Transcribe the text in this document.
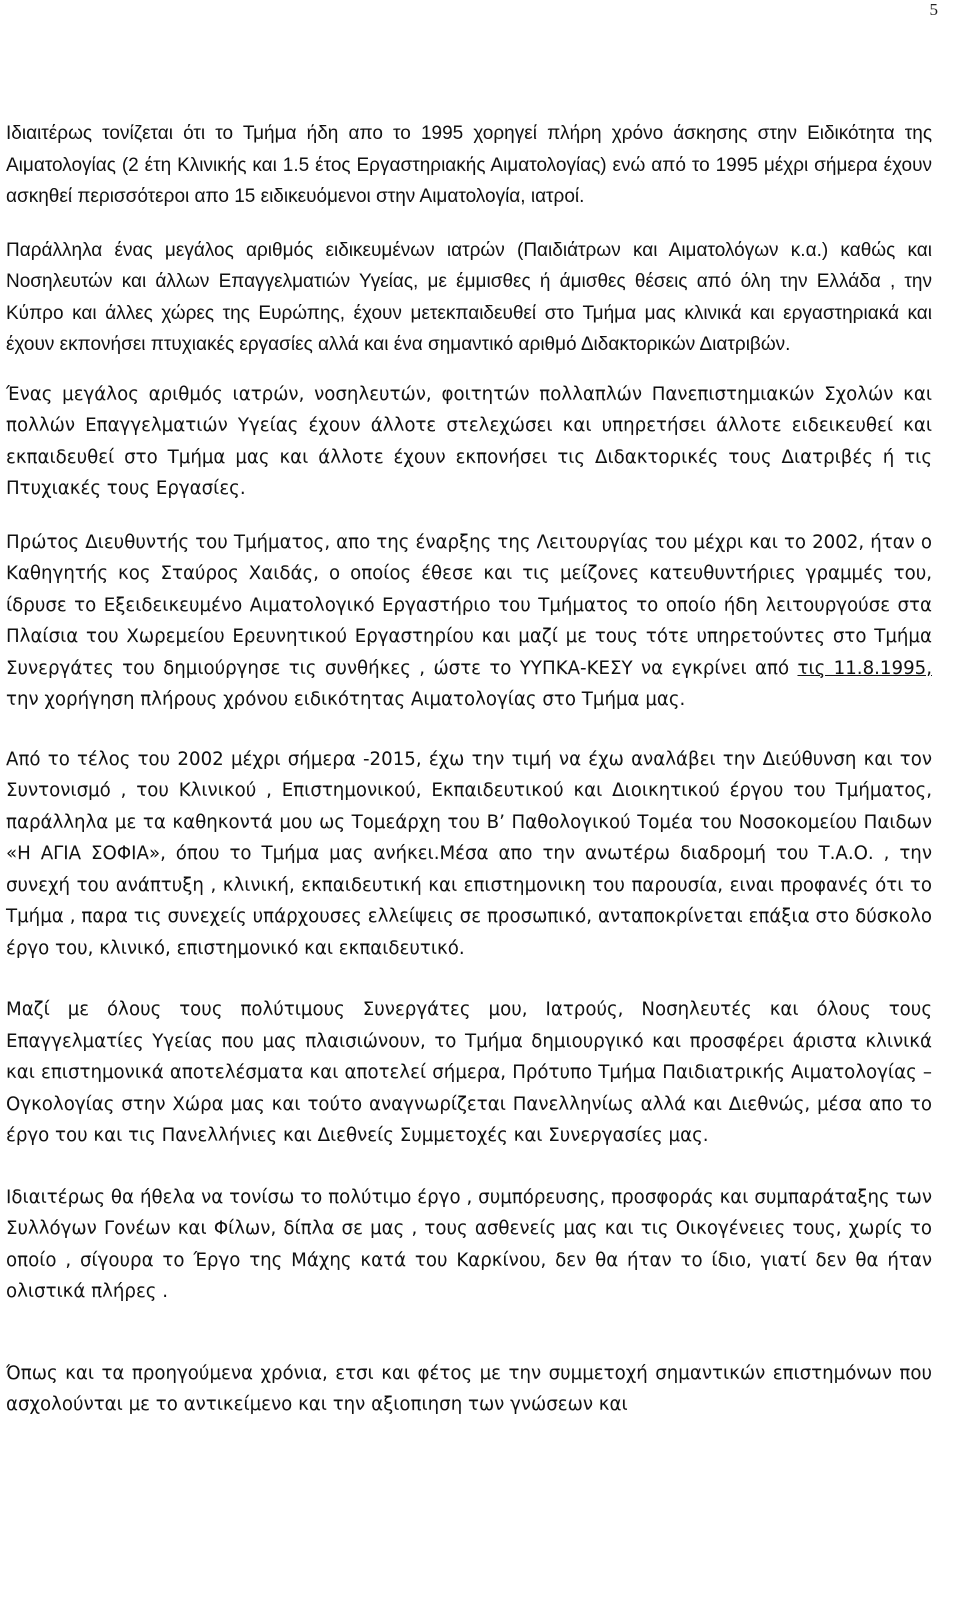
5

Ιδιαιτέρως τονίζεται ότι το Τμήμα ήδη απο το 1995 χορηγεί πλήρη χρόνο άσκησης στην Ειδικότητα της Αιματολογίας (2 έτη Κλινικής και 1.5 έτος Εργαστηριακής Αιματολογίας) ενώ από το 1995 μέχρι σήμερα έχουν ασκηθεί περισσότεροι απο 15 ειδικευόμενοι στην Αιματολογία, ιατροί.

Παράλληλα ένας μεγάλος αριθμός ειδικευμένων ιατρών (Παιδιάτρων και Αιματολόγων κ.α.) καθώς και Νοσηλευτών και άλλων Επαγγελματιών Υγείας, με έμμισθες ή άμισθες θέσεις από όλη την Ελλάδα , την Κύπρο και άλλες χώρες της Ευρώπης, έχουν μετεκπαιδευθεί στο Τμήμα μας κλινικά και εργαστηριακά και έχουν εκπονήσει πτυχιακές εργασίες αλλά και ένα σημαντικό αριθμό Διδακτορικών Διατριβών.

Ένας μεγάλος αριθμός ιατρών, νοσηλευτών, φοιτητών πολλαπλών Πανεπιστημιακών Σχολών και πολλών Επαγγελματιών Υγείας έχουν άλλοτε στελεχώσει και υπηρετήσει άλλοτε ειδεικευθεί και εκπαιδευθεί στο Τμήμα μας και άλλοτε έχουν εκπονήσει τις Διδακτορικές τους Διατριβές ή τις Πτυχιακές τους Εργασίες.

Πρώτος Διευθυντής του Τμήματος, απο της έναρξης της Λειτουργίας του μέχρι και το 2002, ήταν ο Καθηγητής κος Σταύρος Χαιδάς, ο οποίος έθεσε και τις μείζονες κατευθυντήριες γραμμές του, ίδρυσε το Εξειδεικευμένο Αιματολογικό Εργαστήριο του Τμήματος το οποίο ήδη λειτουργούσε στα Πλαίσια του Χωρεμείου Ερευνητικού Εργαστηρίου και μαζί με τους τότε υπηρετούντες στο Τμήμα Συνεργάτες του δημιούργησε τις συνθήκες , ώστε το ΥΥΠΚΑ-ΚΕΣΥ να εγκρίνει από τις 11.8.1995, την χορήγηση πλήρους χρόνου ειδικότητας Αιματολογίας στο Τμήμα μας.

Από το τέλος του 2002 μέχρι σήμερα -2015, έχω την τιμή να έχω αναλάβει την Διεύθυνση και τον Συντονισμό , του Κλινικού , Επιστημονικού, Εκπαιδευτικού και Διοικητικού έργου του Τμήματος, παράλληλα με τα καθηκοντά μου ως Τομεάρχη του Β’ Παθολογικού Τομέα του Νοσοκομείου Παιδων «Η ΑΓΙΑ ΣΟΦΙΑ», όπου το Τμήμα μας ανήκει.Μέσα απο την ανωτέρω διαδρομή του Τ.Α.Ο. , την συνεχή του ανάπτυξη , κλινική, εκπαιδευτική και επιστημονικη του παρουσία, ειναι προφανές ότι το Τμήμα , παρα τις συνεχείς υπάρχουσες ελλείψεις σε προσωπικό, ανταποκρίνεται επάξια στο δύσκολο έργο του, κλινικό, επιστημονικό και εκπαιδευτικό.

Μαζί με όλους τους πολύτιμους Συνεργάτες μου, Ιατρούς, Νοσηλευτές και όλους τους Επαγγελματίες Υγείας που μας πλαισιώνουν, το Τμήμα δημιουργικό και προσφέρει άριστα κλινικά και επιστημονικά αποτελέσματα και αποτελεί σήμερα, Πρότυπο Τμήμα Παιδιατρικής Αιματολογίας –Ογκολογίας στην Χώρα μας και τούτο αναγνωρίζεται Πανελληνίως αλλά και Διεθνώς, μέσα απο το έργο του και τις Πανελλήνιες και Διεθνείς Συμμετοχές και Συνεργασίες μας.

Ιδιαιτέρως θα ήθελα να τονίσω το πολύτιμο έργο , συμπόρευσης, προσφοράς και συμπαράταξης των Συλλόγων Γονέων και Φίλων, δίπλα σε μας , τους ασθενείς μας και τις Οικογένειες τους, χωρίς το οποίο , σίγουρα το Έργο της Μάχης κατά του Καρκίνου, δεν θα ήταν το ίδιο, γιατί δεν θα ήταν ολιστικά πλήρες .

Όπως και τα προηγούμενα χρόνια, ετσι και φέτος με την συμμετοχή σημαντικών επιστημόνων που ασχολούνται με το αντικείμενο και την αξιοπιηση των γνώσεων και
